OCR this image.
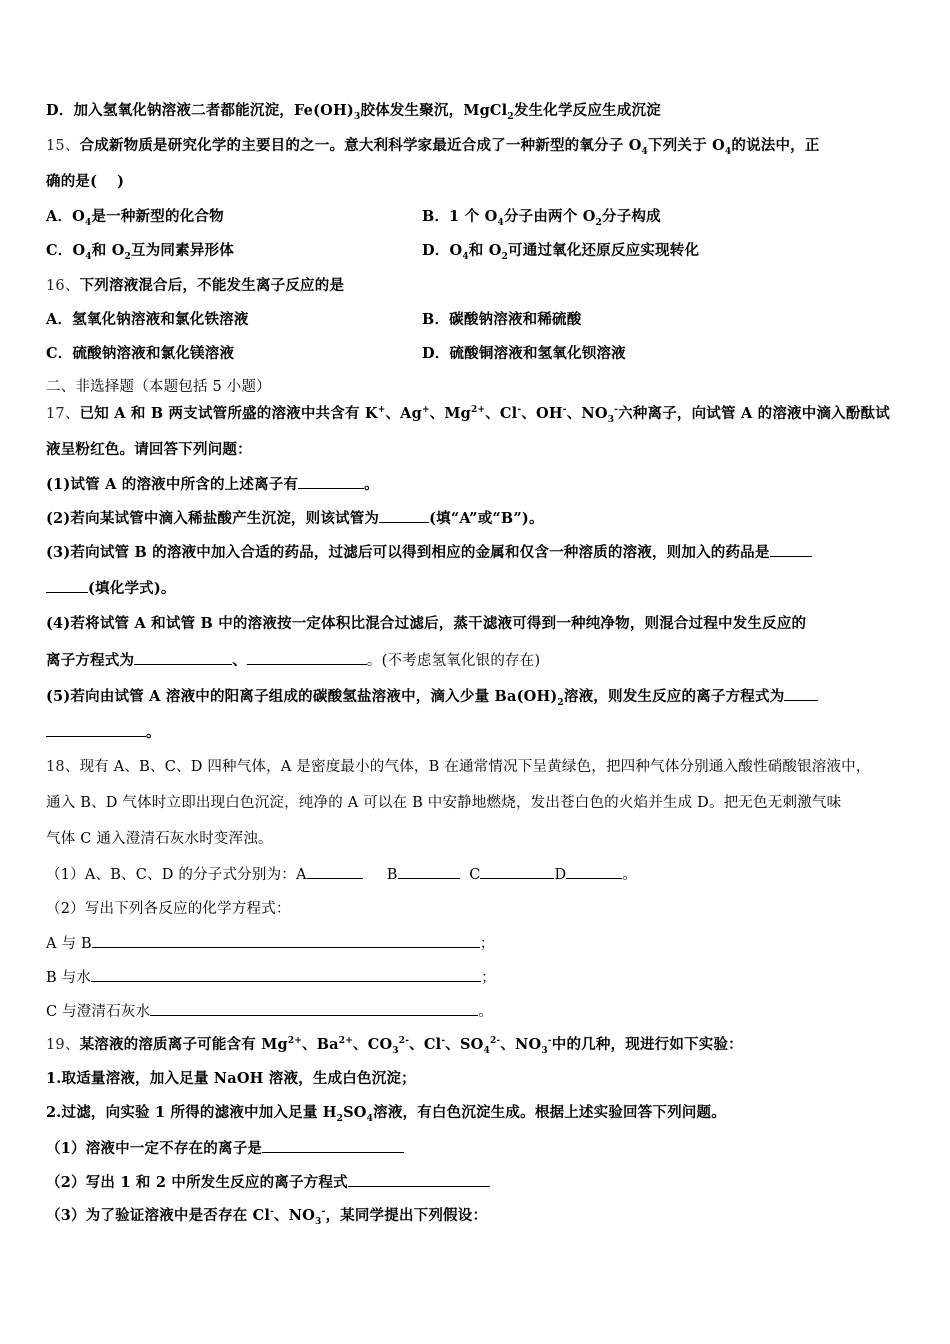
D．加入氢氧化钠溶液二者都能沉淀，$Fe(OH)_3$胶体发生聚沉，MgCl$_2$发生化学反应生成沉淀
15、合成新物质是研究化学的主要目的之一。意大利科学家最近合成了一种新型的氧分子 $O_4$下列关于 $O_4$的说法中，正
确的是(　 )
A．$O_4$是一种新型的化合物	B．1 个 $O_4$分子由两个 $O_2$分子构成
C．$O_4$和 $O_2$互为同素异形体	D．$O_4$和 $O_2$可通过氧化还原反应实现转化
16、下列溶液混合后，不能发生离子反应的是
A．氢氧化钠溶液和氯化铁溶液	B．碳酸钠溶液和稀硫酸
C．硫酸钠溶液和氯化镁溶液	D．硫酸铜溶液和氢氧化钡溶液
二、非选择题（本题包括 5 小题）
17、已知 A 和 B 两支试管所盛的溶液中共含有 K+、Ag+、$Mg^{2+}$、Cl-、OH-、$NO_3^-$六种离子，向试管 A 的溶液中滴入酚酞试
液呈粉红色。请回答下列问题：
(1)试管 A 的溶液中所含的上述离子有	。
(2)若向某试管中滴入稀盐酸产生沉淀，则该试管为	(填“A”或“B”)。
(3)若向试管 B 的溶液中加入合适的药品，过滤后可以得到相应的金属和仅含一种溶质的溶液，则加入的药品是
(填化学式)。
(4)若将试管 A 和试管 B 中的溶液按一定体积比混合过滤后，蒸干滤液可得到一种纯净物，则混合过程中发生反应的
离子方程式为	、	。(不考虑氢氧化银的存在)
(5)若向由试管 A 溶液中的阳离子组成的碳酸氢盐溶液中，滴入少量 $Ba(OH)_2$溶液，则发生反应的离子方程式为
。
18、现有 A、B、C、D 四种气体，A 是密度最小的气体，B 在通常情况下呈黄绿色，把四种气体分别通入酸性硝酸银溶液中，
通入 B、D 气体时立即出现白色沉淀，纯净的 A 可以在 B 中安静地燃烧，发出苍白色的火焰并生成 D。把无色无刺激气味
气体 C 通入澄清石灰水时变浑浊。
（1）A、B、C、D 的分子式分别为：A	B	C	D	。
（2）写出下列各反应的化学方程式：
A 与 B	；
B 与水	；
C 与澄清石灰水	。
19、某溶液的溶质离子可能含有 $Mg^{2+}$、$Ba^{2+}$、$CO_3^{2-}$、Cl-、$SO_4^{2-}$、$NO_3^-$中的几种，现进行如下实验：
1.取适量溶液，加入足量 NaOH 溶液，生成白色沉淀；
2.过滤，向实验 1 所得的滤液中加入足量 $H_2SO_4$溶液，有白色沉淀生成。根据上述实验回答下列问题。
（1）溶液中一定不存在的离子是
（2）写出 1 和 2 中所发生反应的离子方程式
（3）为了验证溶液中是否存在 Cl-、$NO_3^-$，某同学提出下列假设：
